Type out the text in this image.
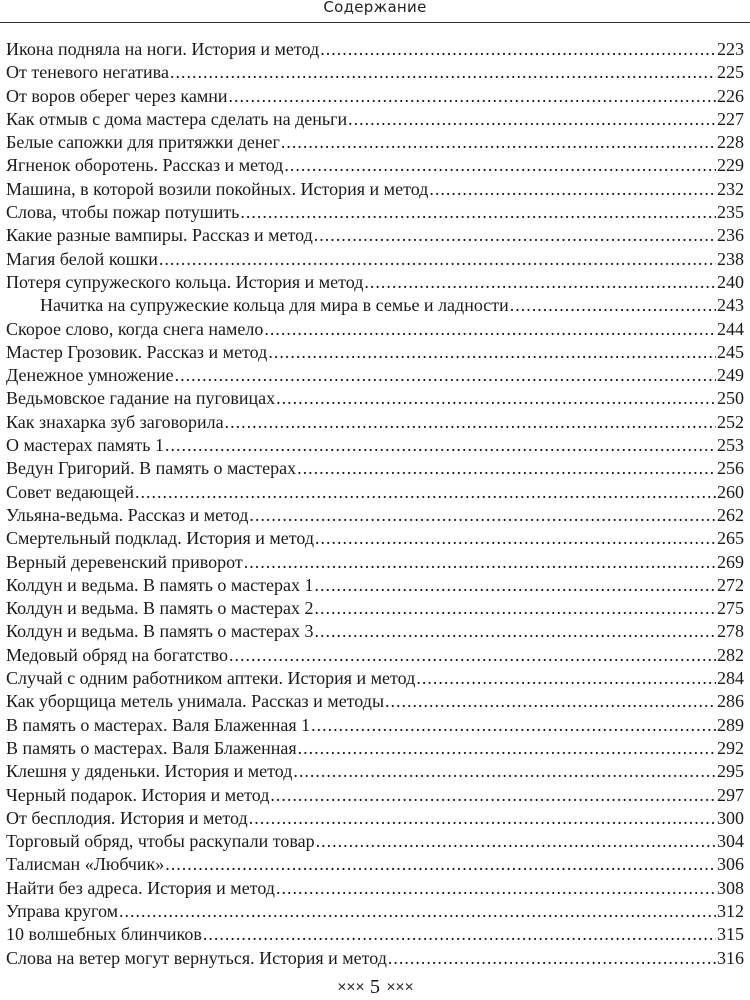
Содержание
Икона подняла на ноги. История и метод .....	223
От теневого негатива .....	225
От воров оберег через камни .....	226
Как отмыв с дома мастера сделать на деньги .....	227
Белые сапожки для притяжки денег .....	228
Ягненок оборотень. Рассказ и метод .....	229
Машина, в которой возили покойных. История и метод .....	232
Слова, чтобы пожар потушить .....	235
Какие разные вампиры. Рассказ и метод .....	236
Магия белой кошки .....	238
Потеря супружеского кольца. История и метод .....	240
Начитка на супружеские кольца для мира в семье и ладности .....	243
Скорое слово, когда снега намело .....	244
Мастер Грозовик. Рассказ и метод .....	245
Денежное умножение .....	249
Ведьмовское гадание на пуговицах .....	250
Как знахарка зуб заговорила .....	252
О мастерах память 1 .....	253
Ведун Григорий. В память о мастерах .....	256
Совет ведающей .....	260
Ульяна-ведьма. Рассказ и метод .....	262
Смертельный подклад. История и метод .....	265
Верный деревенский приворот .....	269
Колдун и ведьма. В память о мастерах 1 .....	272
Колдун и ведьма. В память о мастерах 2 .....	275
Колдун и ведьма. В память о мастерах 3 .....	278
Медовый обряд на богатство .....	282
Случай с одним работником аптеки. История и метод .....	284
Как уборщица метель унимала. Рассказ и методы .....	286
В память о мастерах. Валя Блаженная 1 .....	289
В память о мастерах. Валя Блаженная .....	292
Клешня у дяденьки. История и метод .....	295
Черный подарок. История и метод .....	297
От бесплодия. История и метод .....	300
Торговый обряд, чтобы раскупали товар .....	304
Талисман «Любчик» .....	306
Найти без адреса. История и метод .....	308
Управа кругом .....	312
10 волшебных блинчиков .....	315
Слова на ветер могут вернуться. История и метод .....	316
✕✕✕ 5 ✕✕✕
